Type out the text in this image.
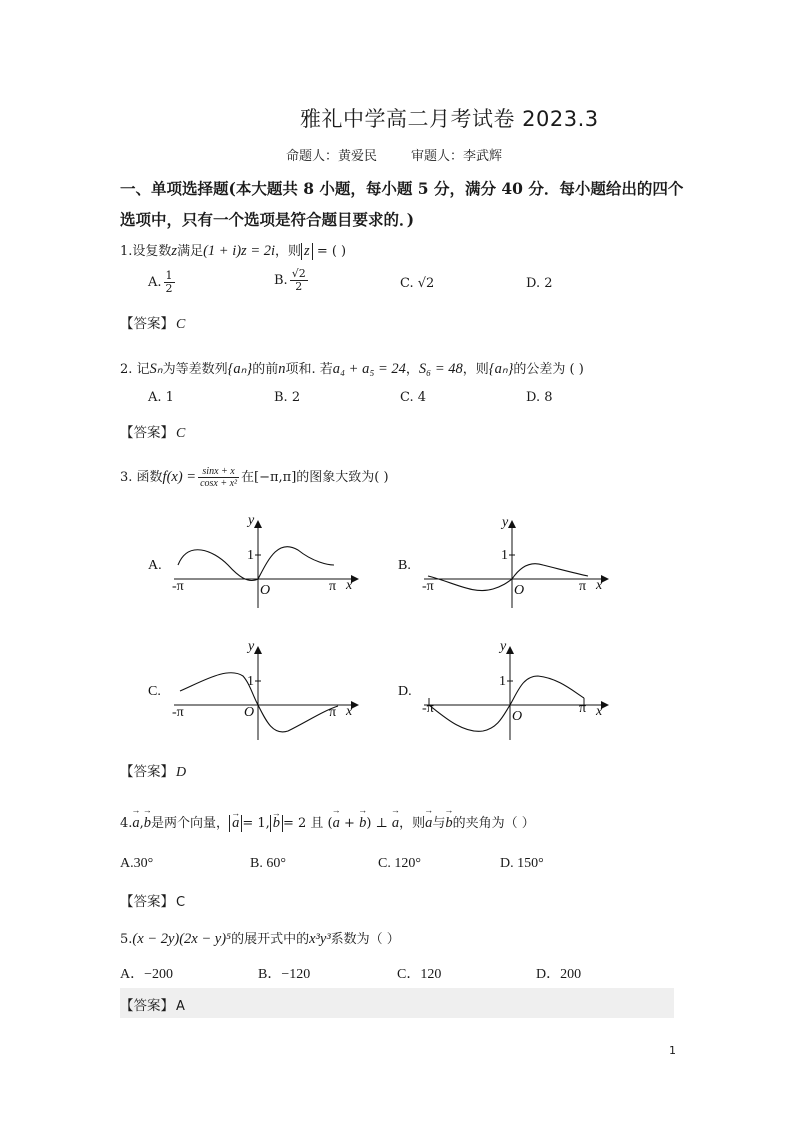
雅礼中学高二月考试卷 2023.3
命题人：黄爱民	审题人：李武辉
一、单项选择题(本大题共 8 小题，每小题 5 分，满分 40 分．每小题给出的四个
选项中，只有一个选项是符合题目要求的．)
1.设复数z满足(1 + i)z = 2i，则 z = ( )
A. $\frac{1}{2}$	B. $\frac{√2}{2}$	C. √2	D. 2
【答案】 C
2. 记Sₙ为等差数列{aₙ}的前n项和. 若a₄ + a₅ = 24，S₆ = 48，则{aₙ}的公差为 ( )
A. 1	B. 2	C. 4	D. 8
【答案】 C
3. 函数$f(x) = \frac{\sin x + x}{\text{cosx + x²}}$ 在[−π,π]的图象大致为( )
A.
y
x
1
O
-π	π
B.
y
x
1
O
-π	π
C.
y
x
1
O
-π	π
D.
y
x
1
O
-π	π
【答案】 D
4.→ a,→ b是两个向量， → a = 1, → b = 2 且 (→ a + → b) ⊥ → a，则→ a与→ b的夹角为（ ）
A.30°	B. 60°	C. 120°	D. 150°
【答案】 C
5.(x − 2y)(2x − y)⁵的展开式中的x³y³系数为（ ）
A．−200	B．−120	C．120	D．200
【答案】 A
1
